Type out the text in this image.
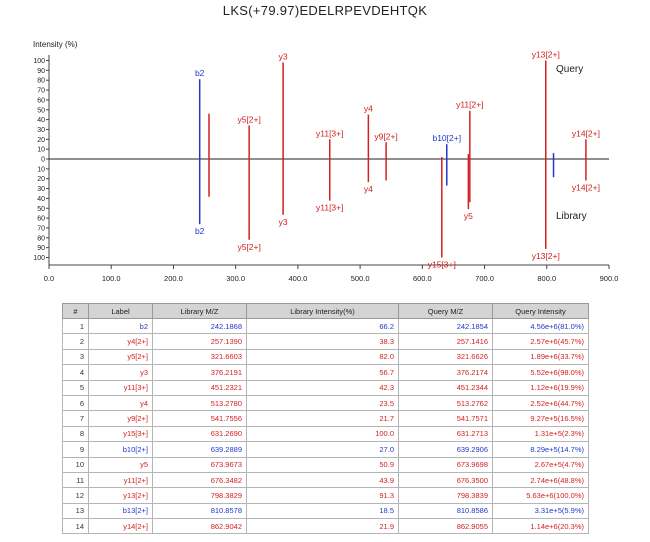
LKS(+79.97)EDELRPEVDEHTQK
Intensity (%)
100
90
80
70
60
50
40
30
20
10
0
10
20
30
40
50
60
70
80
90
100
0.0	100.0	200.0	300.0	400.0	500.0	600.0	700.0	800.0	900.0
b2
y5[2+]
y3
y11[3+]
y4
y9[2+]	b10[2+]
y11[2+]
y13[2+]
y14[2+]
b2
y5[2+]
y3
y11[3+]
y4
y15[3+]
y5
y13[2+]
y14[2+]
Query
Library
#	Label	Library M/Z	Library Intensity(%)	Query M/Z	Query Intensity
1	b2	242.1868	66.2	242.1854	4.56e+6(81.0%)
2	y4[2+]	257.1390	38.3	257.1416	2.57e+6(45.7%)
3	y5[2+]	321.6603	82.0	321.6626	1.89e+6(33.7%)
4	y3	376.2191	56.7	376.2174	5.52e+6(98.0%)
5	y11[3+]	451.2321	42.3	451.2344	1.12e+6(19.9%)
6	y4	513.2780	23.5	513.2762	2.52e+6(44.7%)
7	y9[2+]	541.7556	21.7	541.7571	9.27e+5(16.5%)
8	y15[3+]	631.2690	100.0	631.2713	1.31e+5(2.3%)
9	b10[2+]	639.2889	27.0	639.2906	8.29e+5(14.7%)
10	y5	673.9673	50.9	673.9698	2.67e+5(4.7%)
11	y11[2+]	676.3482	43.9	676.3500	2.74e+6(48.8%)
12	y13[2+]	798.3829	91.3	798.3839	5.63e+6(100.0%)
13	b13[2+]	810.8578	18.5	810.8586	3.31e+5(5.9%)
14	y14[2+]	862.9042	21.9	862.9055	1.14e+6(20.3%)
